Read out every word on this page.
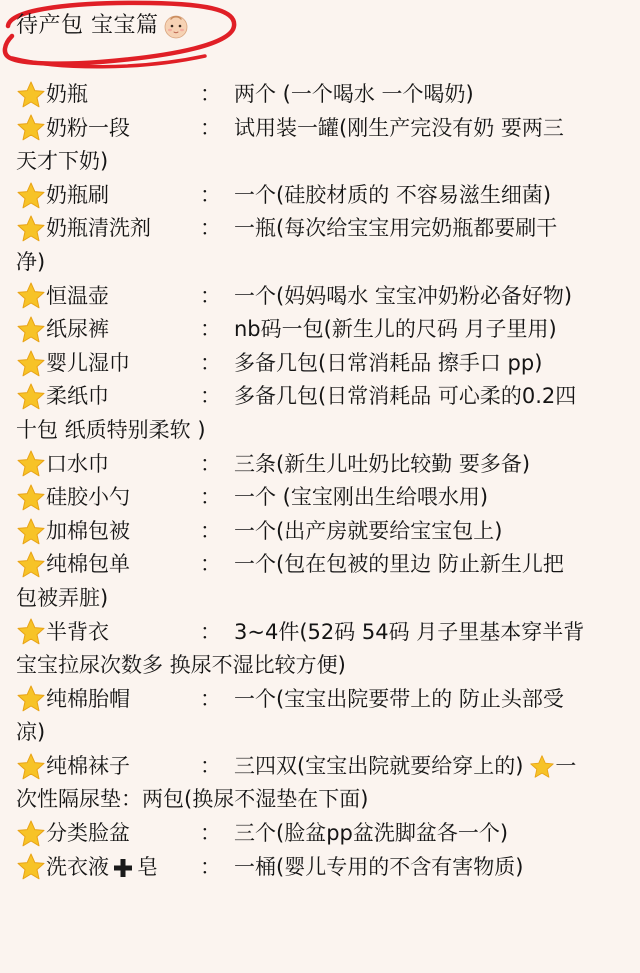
待产包 宝宝篇
奶瓶	： 两个 (一个喝水 一个喝奶)
奶粉一段	： 试用装一罐(刚生产完没有奶 要两三
天才下奶)
奶瓶刷	： 一个(硅胶材质的 不容易滋生细菌)
奶瓶清洗剂	： 一瓶(每次给宝宝用完奶瓶都要刷干
净)
恒温壶	： 一个(妈妈喝水 宝宝冲奶粉必备好物)
纸尿裤	： nb码一包(新生儿的尺码 月子里用)
婴儿湿巾	： 多备几包(日常消耗品 擦手口 pp)
柔纸巾	： 多备几包(日常消耗品 可心柔的0.2四
十包 纸质特别柔软 )
口水巾	： 三条(新生儿吐奶比较勤 要多备)
硅胶小勺	： 一个 (宝宝刚出生给喂水用)
加棉包被	： 一个(出产房就要给宝宝包上)
纯棉包单	： 一个(包在包被的里边 防止新生儿把
包被弄脏)
半背衣	： 3~4件(52码 54码 月子里基本穿半背
宝宝拉尿次数多 换尿不湿比较方便)
纯棉胎帽	： 一个(宝宝出院要带上的 防止头部受
凉)
纯棉袜子	： 三四双(宝宝出院就要给穿上的) 一
次性隔尿垫：两包(换尿不湿垫在下面)
分类脸盆	： 三个(脸盆pp盆洗脚盆各一个)
洗衣液 皂	： 一桶(婴儿专用的不含有害物质)
